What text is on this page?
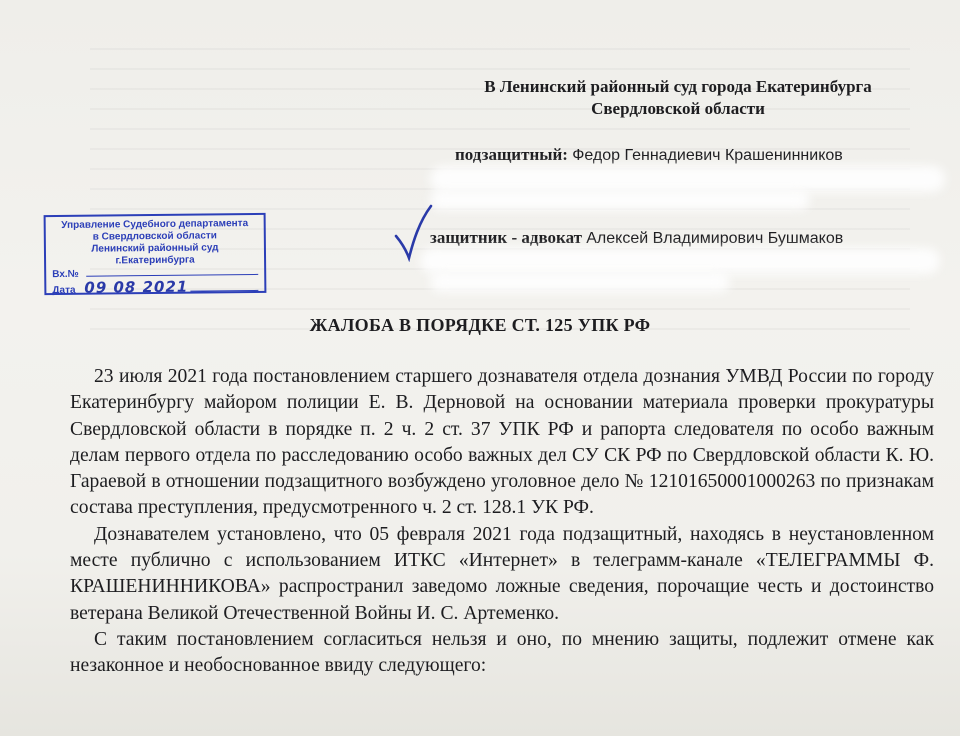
В Ленинский районный суд города Екатеринбурга
Свердловской области
подзащитный: Федор Геннадиевич Крашенинников
защитник - адвокат Алексей Владимирович Бушмаков
Управление Судебного департамента
в Свердловской области
Ленинский районный суд г.Екатеринбурга
Вх.№
Дата 09 08 2021
ЖАЛОБА В ПОРЯДКЕ СТ. 125 УПК РФ

23 июля 2021 года постановлением старшего дознавателя отдела дознания УМВД России по городу Екатеринбургу майором полиции Е. В. Дерновой на основании материала проверки прокуратуры Свердловской области в порядке п. 2 ч. 2 ст. 37 УПК РФ и рапорта следователя по особо важным делам первого отдела по расследованию особо важных дел СУ СК РФ по Свердловской области К. Ю. Гараевой в отношении подзащитного возбуждено уголовное дело № 12101650001000263 по признакам состава преступления, предусмотренного ч. 2 ст. 128.1 УК РФ.

Дознавателем установлено, что 05 февраля 2021 года подзащитный, находясь в неустановленном месте публично с использованием ИТКС «Интернет» в телеграмм-канале «ТЕЛЕГРАММЫ Ф. КРАШЕНИННИКОВА» распространил заведомо ложные сведения, порочащие честь и достоинство ветерана Великой Отечественной Войны И. С. Артеменко.

С таким постановлением согласиться нельзя и оно, по мнению защиты, подлежит отмене как незаконное и необоснованное ввиду следующего:
